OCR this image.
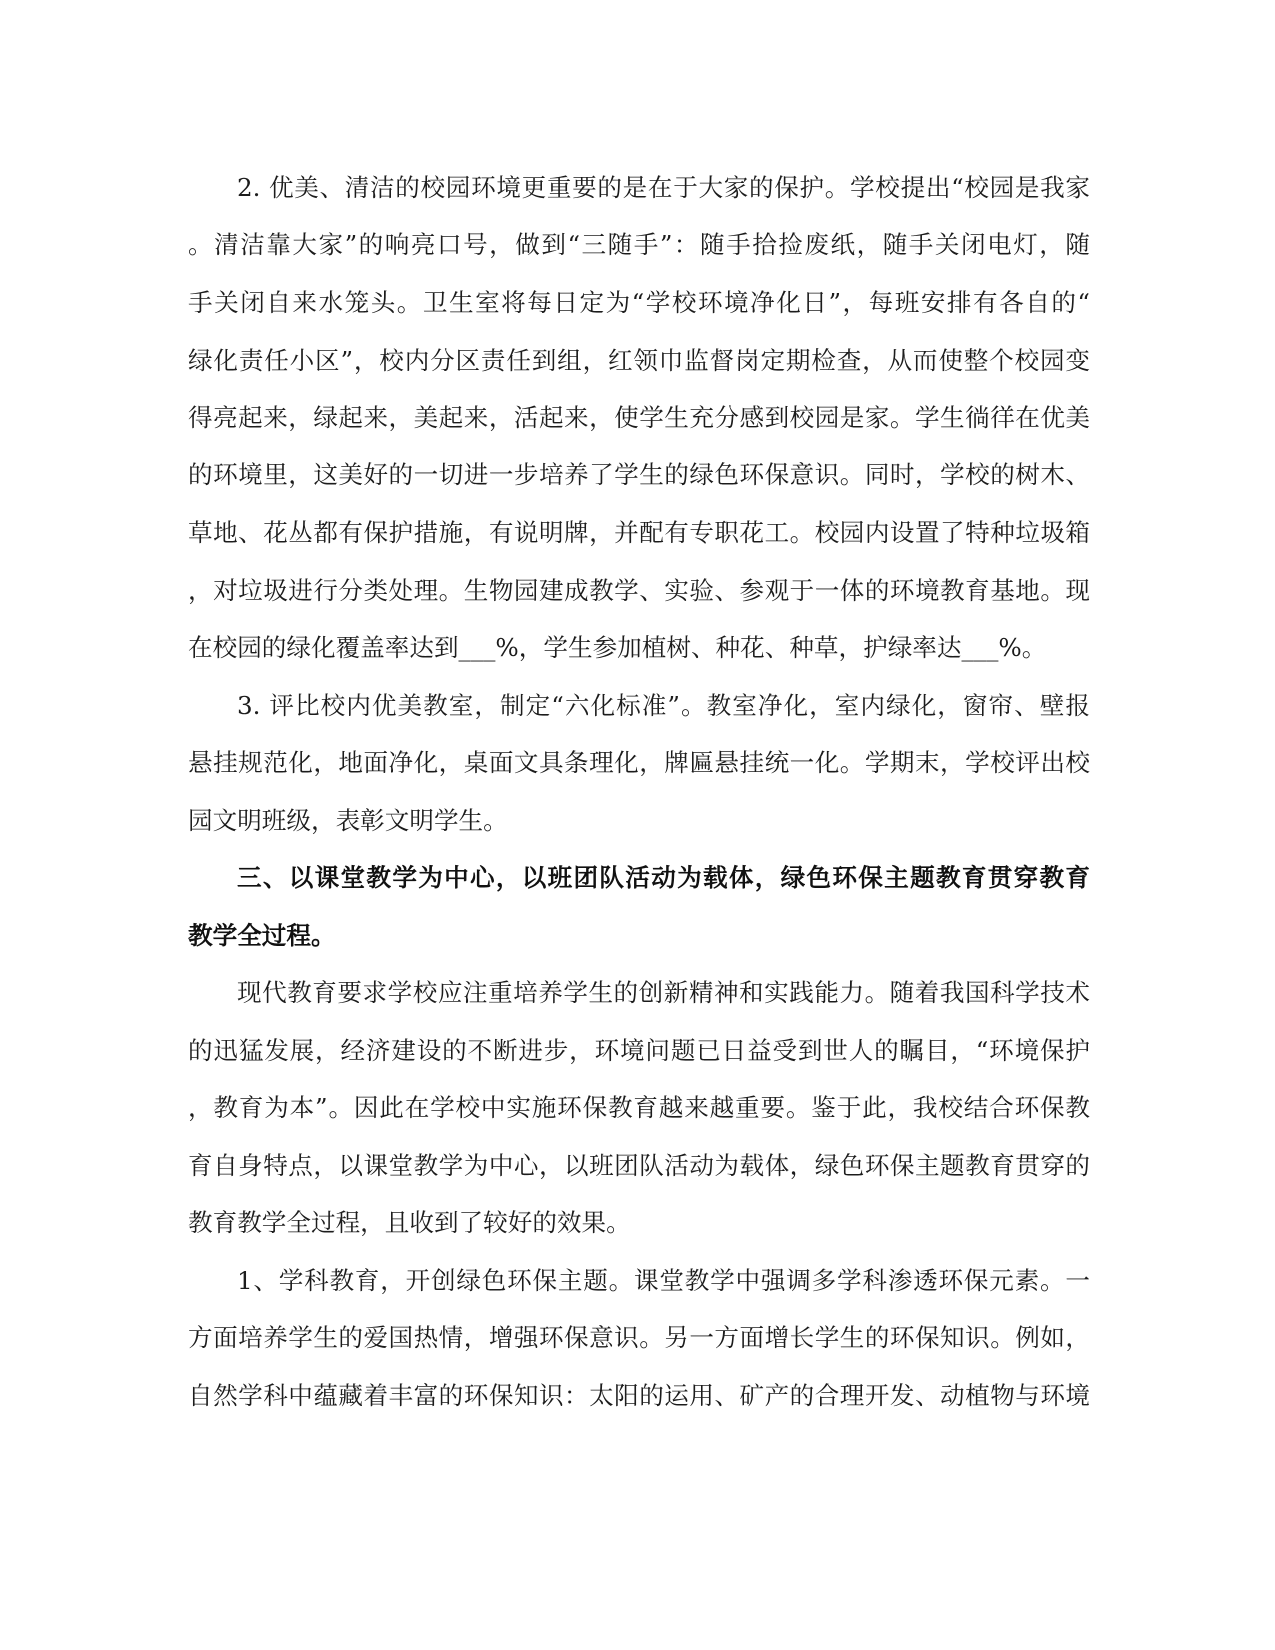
2. 优美、清洁的校园环境更重要的是在于大家的保护。学校提出“校园是我家
。清洁靠大家”的响亮口号，做到“三随手”：随手拾捡废纸，随手关闭电灯，随
手关闭自来水笼头。卫生室将每日定为“学校环境净化日”，每班安排有各自的“
绿化责任小区”，校内分区责任到组，红领巾监督岗定期检查，从而使整个校园变
得亮起来，绿起来，美起来，活起来，使学生充分感到校园是家。学生徜徉在优美
的环境里，这美好的一切进一步培养了学生的绿色环保意识。同时，学校的树木、
草地、花丛都有保护措施，有说明牌，并配有专职花工。校园内设置了特种垃圾箱
，对垃圾进行分类处理。生物园建成教学、实验、参观于一体的环境教育基地。现
在校园的绿化覆盖率达到___%，学生参加植树、种花、种草，护绿率达___%。
3. 评比校内优美教室，制定“六化标准”。教室净化，室内绿化，窗帘、壁报
悬挂规范化，地面净化，桌面文具条理化，牌匾悬挂统一化。学期末，学校评出校
园文明班级，表彰文明学生。
三、以课堂教学为中心，以班团队活动为载体，绿色环保主题教育贯穿教育
教学全过程。
现代教育要求学校应注重培养学生的创新精神和实践能力。随着我国科学技术
的迅猛发展，经济建设的不断进步，环境问题已日益受到世人的瞩目，“环境保护
，教育为本”。因此在学校中实施环保教育越来越重要。鉴于此，我校结合环保教
育自身特点，以课堂教学为中心，以班团队活动为载体，绿色环保主题教育贯穿的
教育教学全过程，且收到了较好的效果。
1、学科教育，开创绿色环保主题。课堂教学中强调多学科渗透环保元素。一
方面培养学生的爱国热情，增强环保意识。另一方面增长学生的环保知识。例如，
自然学科中蕴藏着丰富的环保知识：太阳的运用、矿产的合理开发、动植物与环境
